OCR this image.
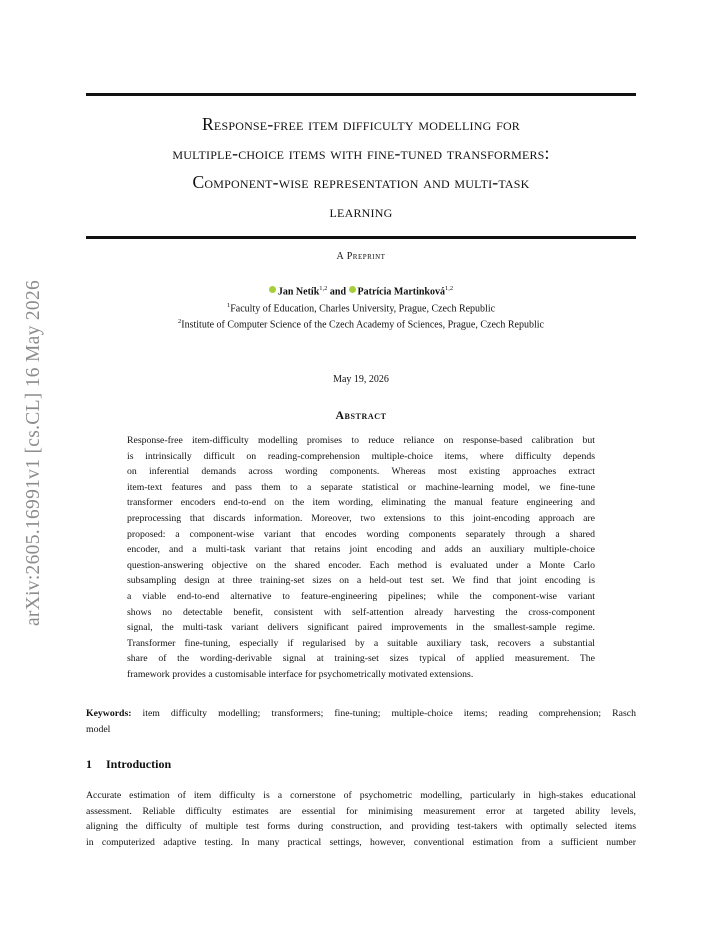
arXiv:2605.16991v1 [cs.CL] 16 May 2026
Response-free item difficulty modelling for
multiple-choice items with fine-tuned transformers:
Component-wise representation and multi-task
learning
A Preprint
Jan Netík$^{1,2}$ and Patrícia Martinková$^{1,2}$
$^1$Faculty of Education, Charles University, Prague, Czech Republic
$^2$Institute of Computer Science of the Czech Academy of Sciences, Prague, Czech Republic
May 19, 2026
Abstract
Response-free item-difficulty modelling promises to reduce reliance on response-based calibration but
is intrinsically difficult on reading-comprehension multiple-choice items, where difficulty depends
on inferential demands across wording components. Whereas most existing approaches extract
item-text features and pass them to a separate statistical or machine-learning model, we fine-tune
transformer encoders end-to-end on the item wording, eliminating the manual feature engineering and
preprocessing that discards information. Moreover, two extensions to this joint-encoding approach are
proposed: a component-wise variant that encodes wording components separately through a shared
encoder, and a multi-task variant that retains joint encoding and adds an auxiliary multiple-choice
question-answering objective on the shared encoder. Each method is evaluated under a Monte Carlo
subsampling design at three training-set sizes on a held-out test set. We find that joint encoding is
a viable end-to-end alternative to feature-engineering pipelines; while the component-wise variant
shows no detectable benefit, consistent with self-attention already harvesting the cross-component
signal, the multi-task variant delivers significant paired improvements in the smallest-sample regime.
Transformer fine-tuning, especially if regularised by a suitable auxiliary task, recovers a substantial
share of the wording-derivable signal at training-set sizes typical of applied measurement. The
framework provides a customisable interface for psychometrically motivated extensions.
Keywords: item difficulty modelling; transformers; fine-tuning; multiple-choice items; reading comprehension; Rasch
model
1 Introduction
Accurate estimation of item difficulty is a cornerstone of psychometric modelling, particularly in high-stakes educational
assessment. Reliable difficulty estimates are essential for minimising measurement error at targeted ability levels,
aligning the difficulty of multiple test forms during construction, and providing test-takers with optimally selected items
in computerized adaptive testing. In many practical settings, however, conventional estimation from a sufficient number
